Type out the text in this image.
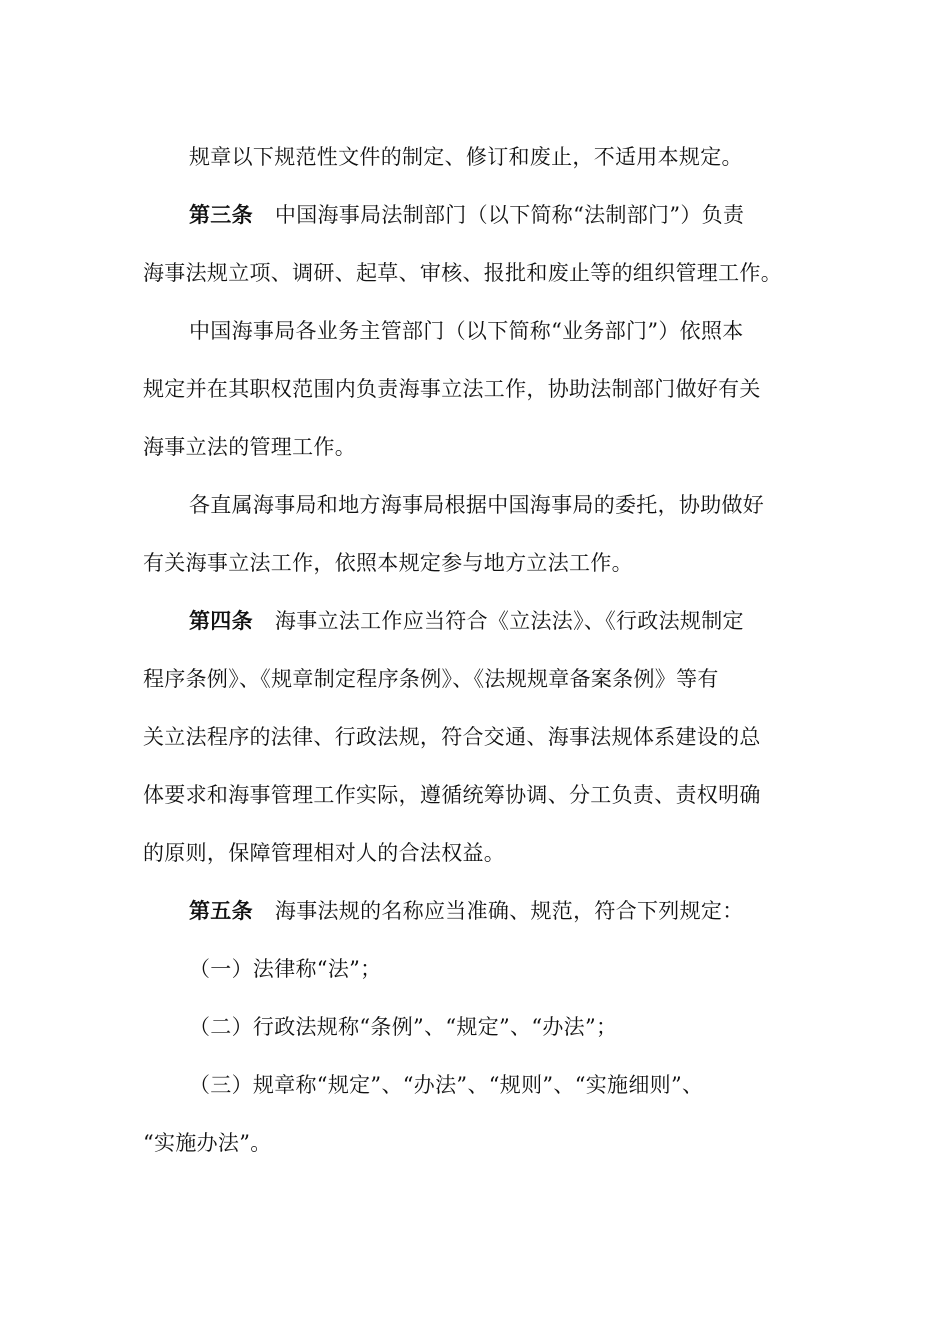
规章以下规范性文件的制定、修订和废止，不适用本规定。
第三条 中国海事局法制部门（以下简称“法制部门”）负责
海事法规立项、调研、起草、审核、报批和废止等的组织管理工作。
中国海事局各业务主管部门（以下简称“业务部门”）依照本
规定并在其职权范围内负责海事立法工作，协助法制部门做好有关
海事立法的管理工作。
各直属海事局和地方海事局根据中国海事局的委托，协助做好
有关海事立法工作，依照本规定参与地方立法工作。
第四条 海事立法工作应当符合《立法法》、《行政法规制定
程序条例》、《规章制定程序条例》、《法规规章备案条例》等有
关立法程序的法律、行政法规，符合交通、海事法规体系建设的总
体要求和海事管理工作实际，遵循统筹协调、分工负责、责权明确
的原则，保障管理相对人的合法权益。
第五条 海事法规的名称应当准确、规范，符合下列规定：
（一）法律称“法”；
（二）行政法规称“条例”、“规定”、“办法”；
（三）规章称“规定”、“办法”、“规则”、“实施细则”、
“实施办法”。
